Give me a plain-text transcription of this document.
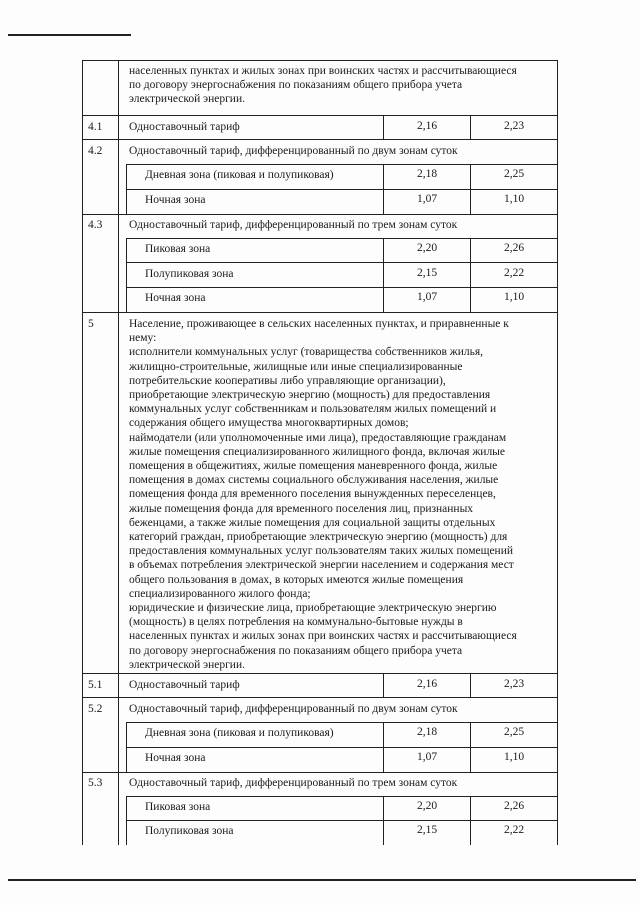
населенных пунктах и жилых зонах при воинских частях и рассчитывающиеся
по договору энергоснабжения по показаниям общего прибора учета
электрической энергии.
4.1 Одноставочный тариф	2,16	2,23
4.2 Одноставочный тариф, дифференцированный по двум зонам суток
Дневная зона (пиковая и полупиковая)	2,18	2,25
Ночная зона	1,07	1,10
4.3 Одноставочный тариф, дифференцированный по трем зонам суток
Пиковая зона	2,20	2,26
Полупиковая зона	2,15	2,22
Ночная зона	1,07	1,10
5	Население, проживающее в сельских населенных пунктах, и приравненные к
нему:
исполнители коммунальных услуг (товарищества собственников жилья,
жилищно-строительные, жилищные или иные специализированные
потребительские кооперативы либо управляющие организации),
приобретающие электрическую энергию (мощность) для предоставления
коммунальных услуг собственникам и пользователям жилых помещений и
содержания общего имущества многоквартирных домов;
наймодатели (или уполномоченные ими лица), предоставляющие гражданам
жилые помещения специализированного жилищного фонда, включая жилые
помещения в общежитиях, жилые помещения маневренного фонда, жилые
помещения в домах системы социального обслуживания населения, жилые
помещения фонда для временного поселения вынужденных переселенцев,
жилые помещения фонда для временного поселения лиц, признанных
беженцами, а также жилые помещения для социальной защиты отдельных
категорий граждан, приобретающие электрическую энергию (мощность) для
предоставления коммунальных услуг пользователям таких жилых помещений
в объемах потребления электрической энергии населением и содержания мест
общего пользования в домах, в которых имеются жилые помещения
специализированного жилого фонда;
юридические и физические лица, приобретающие электрическую энергию
(мощность) в целях потребления на коммунально-бытовые нужды в
населенных пунктах и жилых зонах при воинских частях и рассчитывающиеся
по договору энергоснабжения по показаниям общего прибора учета
электрической энергии.
5.1 Одноставочный тариф	2,16	2,23
5.2 Одноставочный тариф, дифференцированный по двум зонам суток
Дневная зона (пиковая и полупиковая)	2,18	2,25
Ночная зона	1,07	1,10
5.3 Одноставочный тариф, дифференцированный по трем зонам суток
Пиковая зона	2,20	2,26
Полупиковая зона	2,15	2,22
